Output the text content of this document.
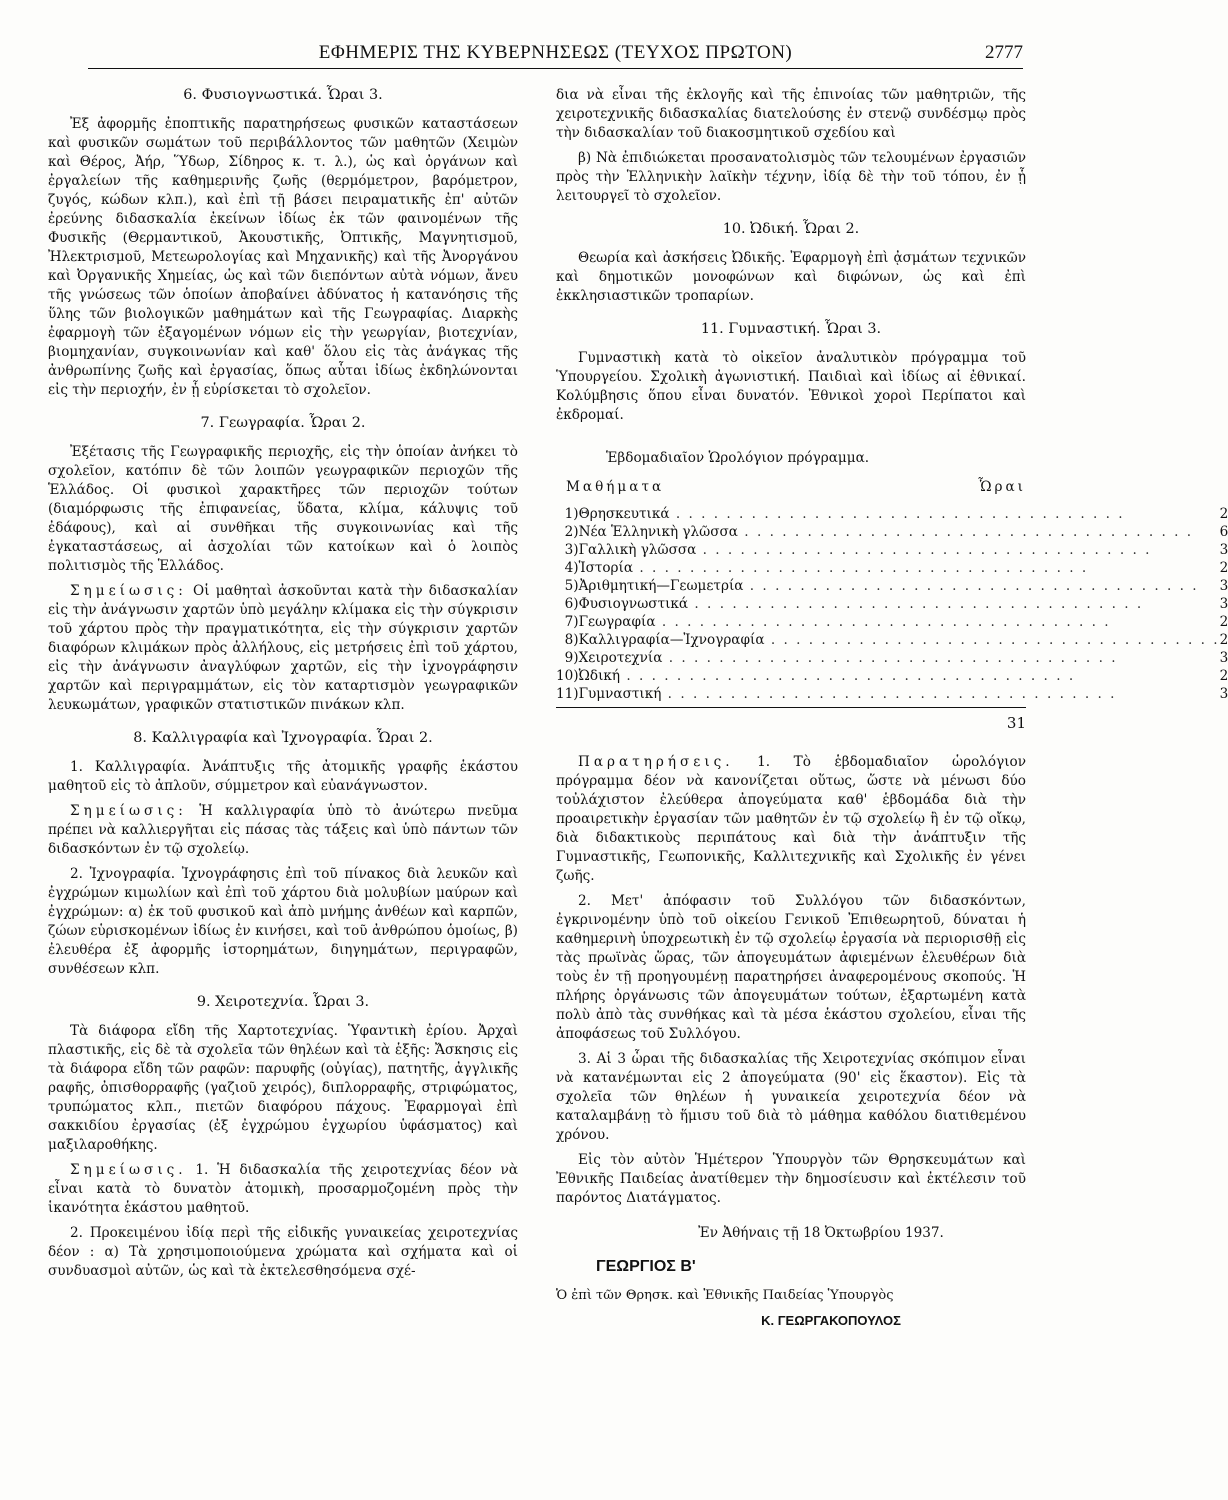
ΕΦΗΜΕΡΙΣ ΤΗΣ ΚΥΒΕΡΝΗΣΕΩΣ (ΤΕΥΧΟΣ ΠΡΩΤΟΝ)	2777
6. Φυσιογνωστικά. Ὧραι 3.

Ἐξ ἀφορμῆς ἐποπτικῆς παρατηρήσεως φυσικῶν καταστάσεων καὶ φυσικῶν σωμάτων τοῦ περιβάλλοντος τῶν μαθητῶν (Χειμὼν καὶ Θέρος, Ἀήρ, Ὕδωρ, Σίδηρος κ. τ. λ.), ὡς καὶ ὀργάνων καὶ ἐργαλείων τῆς καθημερινῆς ζωῆς (θερμόμετρον, βαρόμετρον, ζυγός, κώδων κλπ.), καὶ ἐπὶ τῇ βάσει πειραματικῆς ἐπ' αὐτῶν ἐρεύνης διδασκαλία ἐκείνων ἰδίως ἐκ τῶν φαινομένων τῆς Φυσικῆς (Θερμαντικοῦ, Ἀκουστικῆς, Ὀπτικῆς, Μαγνητισμοῦ, Ἠλεκτρισμοῦ, Μετεωρολογίας καὶ Μηχανικῆς) καὶ τῆς Ἀνοργάνου καὶ Ὀργανικῆς Χημείας, ὡς καὶ τῶν διεπόντων αὐτὰ νόμων, ἄνευ τῆς γνώσεως τῶν ὁποίων ἀποβαίνει ἀδύνατος ἡ κατανόησις τῆς ὕλης τῶν βιολογικῶν μαθημάτων καὶ τῆς Γεωγραφίας. Διαρκὴς ἐφαρμογὴ τῶν ἐξαγομένων νόμων εἰς τὴν γεωργίαν, βιοτεχνίαν, βιομηχανίαν, συγκοινωνίαν καὶ καθ' ὅλου εἰς τὰς ἀνάγκας τῆς ἀνθρωπίνης ζωῆς καὶ ἐργασίας, ὅπως αὗται ἰδίως ἐκδηλώνονται εἰς τὴν περιοχήν, ἐν ᾗ εὑρίσκεται τὸ σχολεῖον.

7. Γεωγραφία. Ὧραι 2.

Ἐξέτασις τῆς Γεωγραφικῆς περιοχῆς, εἰς τὴν ὁποίαν ἀνήκει τὸ σχολεῖον, κατόπιν δὲ τῶν λοιπῶν γεωγραφικῶν περιοχῶν τῆς Ἑλλάδος. Οἱ φυσικοὶ χαρακτῆρες τῶν περιοχῶν τούτων (διαμόρφωσις τῆς ἐπιφανείας, ὕδατα, κλίμα, κάλυψις τοῦ ἐδάφους), καὶ αἱ συνθῆκαι τῆς συγκοινωνίας καὶ τῆς ἐγκαταστάσεως, αἱ ἀσχολίαι τῶν κατοίκων καὶ ὁ λοιπὸς πολιτισμὸς τῆς Ἑλλάδος.

Σημείωσις: Οἱ μαθηταὶ ἀσκοῦνται κατὰ τὴν διδασκαλίαν εἰς τὴν ἀνάγνωσιν χαρτῶν ὑπὸ μεγάλην κλίμακα εἰς τὴν σύγκρισιν τοῦ χάρτου πρὸς τὴν πραγματικότητα, εἰς τὴν σύγκρισιν χαρτῶν διαφόρων κλιμάκων πρὸς ἀλλήλους, εἰς μετρήσεις ἐπὶ τοῦ χάρτου, εἰς τὴν ἀνάγνωσιν ἀναγλύφων χαρτῶν, εἰς τὴν ἰχνογράφησιν χαρτῶν καὶ περιγραμμάτων, εἰς τὸν καταρτισμὸν γεωγραφικῶν λευκωμάτων, γραφικῶν στατιστικῶν πινάκων κλπ.

8. Καλλιγραφία καὶ Ἰχνογραφία. Ὧραι 2.

1. Καλλιγραφία. Ἀνάπτυξις τῆς ἀτομικῆς γραφῆς ἑκάστου μαθητοῦ εἰς τὸ ἁπλοῦν, σύμμετρον καὶ εὐανάγνωστον.

Σημείωσις: Ἡ καλλιγραφία ὑπὸ τὸ ἀνώτερω πνεῦμα πρέπει νὰ καλλιεργῆται εἰς πάσας τὰς τάξεις καὶ ὑπὸ πάντων τῶν διδασκόντων ἐν τῷ σχολείῳ.

2. Ἰχνογραφία. Ἰχνογράφησις ἐπὶ τοῦ πίνακος διὰ λευκῶν καὶ ἐγχρώμων κιμωλίων καὶ ἐπὶ τοῦ χάρτου διὰ μολυβίων μαύρων καὶ ἐγχρώμων: α) ἐκ τοῦ φυσικοῦ καὶ ἀπὸ μνήμης ἀνθέων καὶ καρπῶν, ζώων εὑρισκομένων ἰδίως ἐν κινήσει, καὶ τοῦ ἀνθρώπου ὁμοίως, β) ἐλευθέρα ἐξ ἀφορμῆς ἱστορημάτων, διηγημάτων, περιγραφῶν, συνθέσεων κλπ.

9. Χειροτεχνία. Ὧραι 3.

Τὰ διάφορα εἴδη τῆς Χαρτοτεχνίας. Ὑφαντικὴ ἐρίου. Ἀρχαὶ πλαστικῆς, εἰς δὲ τὰ σχολεῖα τῶν θηλέων καὶ τὰ ἑξῆς: Ἄσκησις εἰς τὰ διάφορα εἴδη τῶν ραφῶν: παρυφῆς (οὐγίας), πατητῆς, ἀγγλικῆς ραφῆς, ὀπισθορραφῆς (γαζιοῦ χειρός), διπλορραφῆς, στριφώματος, τρυπώματος κλπ., πιετῶν διαφόρου πάχους. Ἐφαρμογαὶ ἐπὶ σακκιδίου ἐργασίας (ἐξ ἐγχρώμου ἐγχωρίου ὑφάσματος) καὶ μαξιλαροθήκης.

Σημείωσις. 1. Ἡ διδασκαλία τῆς χειροτεχνίας δέον νὰ εἶναι κατὰ τὸ δυνατὸν ἀτομικὴ, προσαρμοζομένη πρὸς τὴν ἱκανότητα ἑκάστου μαθητοῦ.

2. Προκειμένου ἰδίᾳ περὶ τῆς εἰδικῆς γυναικείας χειροτεχνίας δέον : α) Τὰ χρησιμοποιούμενα χρώματα καὶ σχήματα καὶ οἱ συνδυασμοὶ αὐτῶν, ὡς καὶ τὰ ἐκτελεσθησόμενα σχέ-

δια νὰ εἶναι τῆς ἐκλογῆς καὶ τῆς ἐπινοίας τῶν μαθητριῶν, τῆς χειροτεχνικῆς διδασκαλίας διατελούσης ἐν στενῷ συνδέσμῳ πρὸς τὴν διδασκαλίαν τοῦ διακοσμητικοῦ σχεδίου καὶ

β) Νὰ ἐπιδιώκεται προσανατολισμὸς τῶν τελουμένων ἐργασιῶν πρὸς τὴν Ἑλληνικὴν λαϊκὴν τέχνην, ἰδίᾳ δὲ τὴν τοῦ τόπου, ἐν ᾗ λειτουργεῖ τὸ σχολεῖον.

10. Ὠδική. Ὧραι 2.

Θεωρία καὶ ἀσκήσεις Ὠδικῆς. Ἐφαρμογὴ ἐπὶ ᾀσμάτων τεχνικῶν καὶ δημοτικῶν μονοφώνων καὶ διφώνων, ὡς καὶ ἐπὶ ἐκκλησιαστικῶν τροπαρίων.

11. Γυμναστική. Ὧραι 3.

Γυμναστικὴ κατὰ τὸ οἰκεῖον ἀναλυτικὸν πρόγραμμα τοῦ Ὑπουργείου. Σχολικὴ ἀγωνιστική. Παιδιαὶ καὶ ἰδίως αἱ ἐθνικαί. Κολύμβησις ὅπου εἶναι δυνατόν. Ἐθνικοὶ χοροὶ Περίπατοι καὶ ἐκδρομαί.

Ἑβδομαδιαῖον Ὡρολόγιον πρόγραμμα.
Μαθήματα	Ὧραι
1)	Θρησκευτικά . . . . . . . . . . . . . . . . . . . . . . . . . . . . . . . . . . . .	2
2)	Νέα Ἑλληνικὴ γλῶσσα . . . . . . . . . . . . . . . . . . . . . . . . . . . . . . . . . . . .	6
3)	Γαλλικὴ γλῶσσα . . . . . . . . . . . . . . . . . . . . . . . . . . . . . . . . . . . .	3
4)	Ἱστορία . . . . . . . . . . . . . . . . . . . . . . . . . . . . . . . . . . . .	2
5)	Ἀριθμητική—Γεωμετρία . . . . . . . . . . . . . . . . . . . . . . . . . . . . . . . . . . . .	3
6)	Φυσιογνωστικά . . . . . . . . . . . . . . . . . . . . . . . . . . . . . . . . . . . .	3
7)	Γεωγραφία . . . . . . . . . . . . . . . . . . . . . . . . . . . . . . . . . . . .	2
8)	Καλλιγραφία—Ἰχνογραφία . . . . . . . . . . . . . . . . . . . . . . . . . . . . . . . . . . . .	2
9)	Χειροτεχνία . . . . . . . . . . . . . . . . . . . . . . . . . . . . . . . . . . . .	3
10)	Ὠδική . . . . . . . . . . . . . . . . . . . . . . . . . . . . . . . . . . . .	2
11)	Γυμναστική . . . . . . . . . . . . . . . . . . . . . . . . . . . . . . . . . . . .	3
31

Παρατηρήσεις. 1. Τὸ ἑβδομαδιαῖον ὡρολόγιον πρόγραμμα δέον νὰ κανονίζεται οὕτως, ὥστε νὰ μένωσι δύο τοὐλάχιστον ἐλεύθερα ἀπογεύματα καθ' ἑβδομάδα διὰ τὴν προαιρετικὴν ἐργασίαν τῶν μαθητῶν ἐν τῷ σχολείῳ ἢ ἐν τῷ οἴκῳ, διὰ διδακτικοὺς περιπάτους καὶ διὰ τὴν ἀνάπτυξιν τῆς Γυμναστικῆς, Γεωπονικῆς, Καλλιτεχνικῆς καὶ Σχολικῆς ἐν γένει ζωῆς.

2. Μετ' ἀπόφασιν τοῦ Συλλόγου τῶν διδασκόντων, ἐγκρινομένην ὑπὸ τοῦ οἰκείου Γενικοῦ Ἐπιθεωρητοῦ, δύναται ἡ καθημερινὴ ὑποχρεωτικὴ ἐν τῷ σχολείῳ ἐργασία νὰ περιορισθῇ εἰς τὰς πρωϊνὰς ὥρας, τῶν ἀπογευμάτων ἀφιεμένων ἐλευθέρων διὰ τοὺς ἐν τῇ προηγουμένῃ παρατηρήσει ἀναφερομένους σκοπούς. Ἡ πλήρης ὀργάνωσις τῶν ἀπογευμάτων τούτων, ἐξαρτωμένη κατὰ πολὺ ἀπὸ τὰς συνθήκας καὶ τὰ μέσα ἑκάστου σχολείου, εἶναι τῆς ἀποφάσεως τοῦ Συλλόγου.

3. Αἱ 3 ὧραι τῆς διδασκαλίας τῆς Χειροτεχνίας σκόπιμον εἶναι νὰ κατανέμωνται εἰς 2 ἀπογεύματα (90' εἰς ἕκαστον). Εἰς τὰ σχολεῖα τῶν θηλέων ἡ γυναικεία χειροτεχνία δέον νὰ καταλαμβάνῃ τὸ ἥμισυ τοῦ διὰ τὸ μάθημα καθόλου διατιθεμένου χρόνου.

Εἰς τὸν αὐτὸν Ἡμέτερον Ὑπουργὸν τῶν Θρησκευμάτων καὶ Ἐθνικῆς Παιδείας ἀνατίθεμεν τὴν δημοσίευσιν καὶ ἐκτέλεσιν τοῦ παρόντος Διατάγματος.

Ἐν Ἀθήναις τῇ 18 Ὀκτωβρίου 1937.
ΓΕΩΡΓΙΟΣ Β'

Ὁ ἐπὶ τῶν Θρησκ. καὶ Ἐθνικῆς Παιδείας Ὑπουργὸς

Κ. ΓΕΩΡΓΑΚΟΠΟΥΛΟΣ
